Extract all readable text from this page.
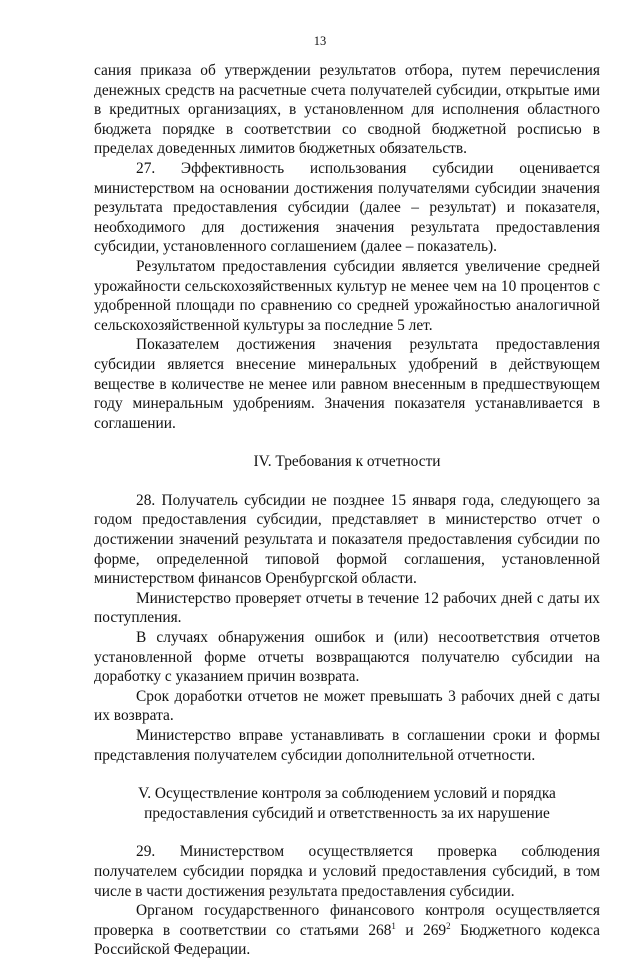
13

сания приказа об утверждении результатов отбора, путем перечисления денежных средств на расчетные счета получателей субсидии, открытые ими в кредитных организациях, в установленном для исполнения областного бюджета порядке в соответствии со сводной бюджетной росписью в пределах доведенных лимитов бюджетных обязательств.

27. Эффективность использования субсидии оценивается министерством на основании достижения получателями субсидии значения результата предоставления субсидии (далее – результат) и показателя, необходимого для достижения значения результата предоставления субсидии, установленного соглашением (далее – показатель).

Результатом предоставления субсидии является увеличение средней урожайности сельскохозяйственных культур не менее чем на 10 процентов с удобренной площади по сравнению со средней урожайностью аналогичной сельскохозяйственной культуры за последние 5 лет.

Показателем достижения значения результата предоставления субсидии является внесение минеральных удобрений в действующем веществе в количестве не менее или равном внесенным в предшествующем году минеральным удобрениям. Значения показателя устанавливается в соглашении.

IV. Требования к отчетности

28. Получатель субсидии не позднее 15 января года, следующего за годом предоставления субсидии, представляет в министерство отчет о достижении значений результата и показателя предоставления субсидии по форме, определенной типовой формой соглашения, установленной министерством финансов Оренбургской области.

Министерство проверяет отчеты в течение 12 рабочих дней с даты их поступления.

В случаях обнаружения ошибок и (или) несоответствия отчетов установленной форме отчеты возвращаются получателю субсидии на доработку с указанием причин возврата.

Срок доработки отчетов не может превышать 3 рабочих дней с даты их возврата.

Министерство вправе устанавливать в соглашении сроки и формы представления получателем субсидии дополнительной отчетности.

V. Осуществление контроля за соблюдением условий и порядка
предоставления субсидий и ответственность за их нарушение

29. Министерством осуществляется проверка соблюдения получателем субсидии порядка и условий предоставления субсидий, в том числе в части достижения результата предоставления субсидии.

Органом государственного финансового контроля осуществляется проверка в соответствии со статьями $268^1$ и $269^2$ Бюджетного кодекса Российской Федерации.
